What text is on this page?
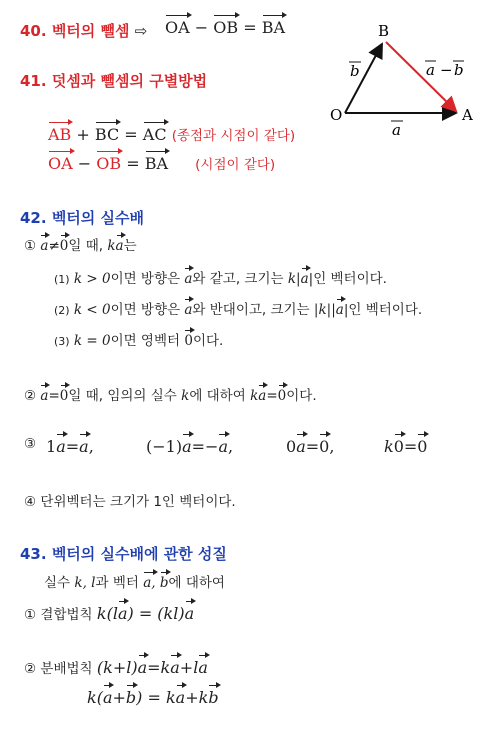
40. 벡터의 뺄셈 ⇨ OA − OB = BA	B
O	A
b
a
a − b
41. 덧셈과 뺄셈의 구별방법
AB + BC = AC (종점과 시점이 같다)
OA − OB = BA (시점이 같다)
42. 벡터의 실수배
① a≠0일 때, ka는
(1) k > 0이면 방향은 a와 같고, 크기는 k|a|인 벡터이다.
(2) k < 0이면 방향은 a와 반대이고, 크기는 |k||a|인 벡터이다.
(3) k = 0이면 영벡터 0이다.
② a=0일 때, 임의의 실수 k에 대하여 ka=0이다.
③ 1a=a,	(−1)a=−a,	0a=0,	k0=0
④ 단위벡터는 크기가 1인 벡터이다.
43. 벡터의 실수배에 관한 성질
실수 k, l과 벡터 a, b에 대하여
① 결합법칙 k(la) = (kl)a
② 분배법칙 (k+l)a=ka+la
k(a+b) = ka+kb
